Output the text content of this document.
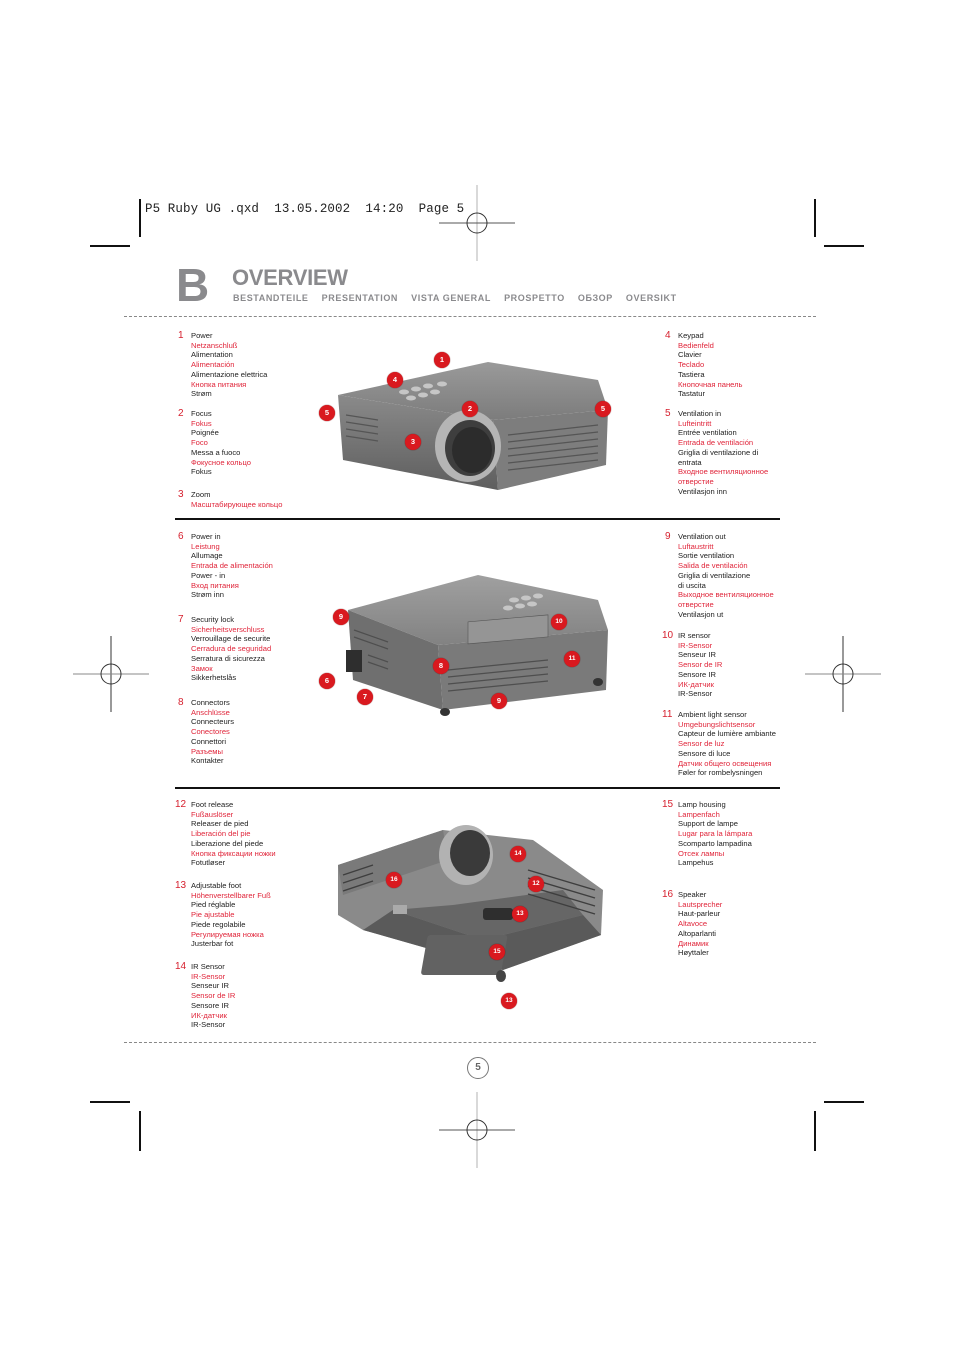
P5 Ruby UG .qxd  13.05.2002  14:20  Page 5
B OVERVIEW
BESTANDTEILE PRESENTATION VISTA GENERAL PROSPETTO ОБЗОР OVERSIKT
1 Power
Netzanschluß
Alimentation
Alimentación
Alimentazione elettrica
Кнопка питания
Strøm
2 Focus
Fokus
Poignée
Foco
Messa a fuoco
Фокусное кольцо
Fokus
3 Zoom
Масштабирующее кольцо
4 Keypad
Bedienfeld
Clavier
Teclado
Tastiera
Кнопочная панель
Tastatur
5 Ventilation in
Lufteintritt
Entrée ventilation
Entrada de ventilación
Griglia di ventilazione di
entrata
Входное вентиляционное
отверстие
Ventilasjon inn
1
4
2
5	5
3
6 Power in
Leistung
Allumage
Entrada de alimentación
Power - in
Вход питания
Strøm inn
7 Security lock
Sicherheitsverschluss
Verrouillage de securite
Cerradura de seguridad
Serratura di sicurezza
Замок
Sikkerhetslås
8 Connectors
Anschlüsse
Connecteurs
Conectores
Connettori
Разъемы
Kontakter
9 Ventilation out
Luftaustritt
Sortie ventilation
Salida de ventilación
Griglia di ventilazione
di uscita
Выходное вентиляционное
отверстие
Ventilasjon ut
10 IR sensor
IR-Sensor
Senseur IR
Sensor de IR
Sensore IR
ИК-датчик
IR-Sensor
11 Ambient light sensor
Umgebungslichtsensor
Capteur de lumière ambiante
Sensor de luz
Sensore di luce
Датчик общего освещения
Føler for rombelysningen
9
10
8
11
6
7	9
12 Foot release
Fußauslöser
Releaser de pied
Liberación del pie
Liberazione del piede
Кнопка фиксации ножки
Fotutløser
13 Adjustable foot
Höhenverstellbarer Fuß
Pied réglable
Pie ajustable
Piede regolabile
Регулируемая ножка
Justerbar fot
14 IR Sensor
IR-Sensor
Senseur IR
Sensor de IR
Sensore IR
ИК-датчик
IR-Sensor
15 Lamp housing
Lampenfach
Support de lampe
Lugar para la lámpara
Scomparto lampadina
Отсек лампы
Lampehus
16 Speaker
Lautsprecher
Haut-parleur
Altavoce
Altoparlanti
Динамик
Høyttaler
14
16
12
13
15
13
5
